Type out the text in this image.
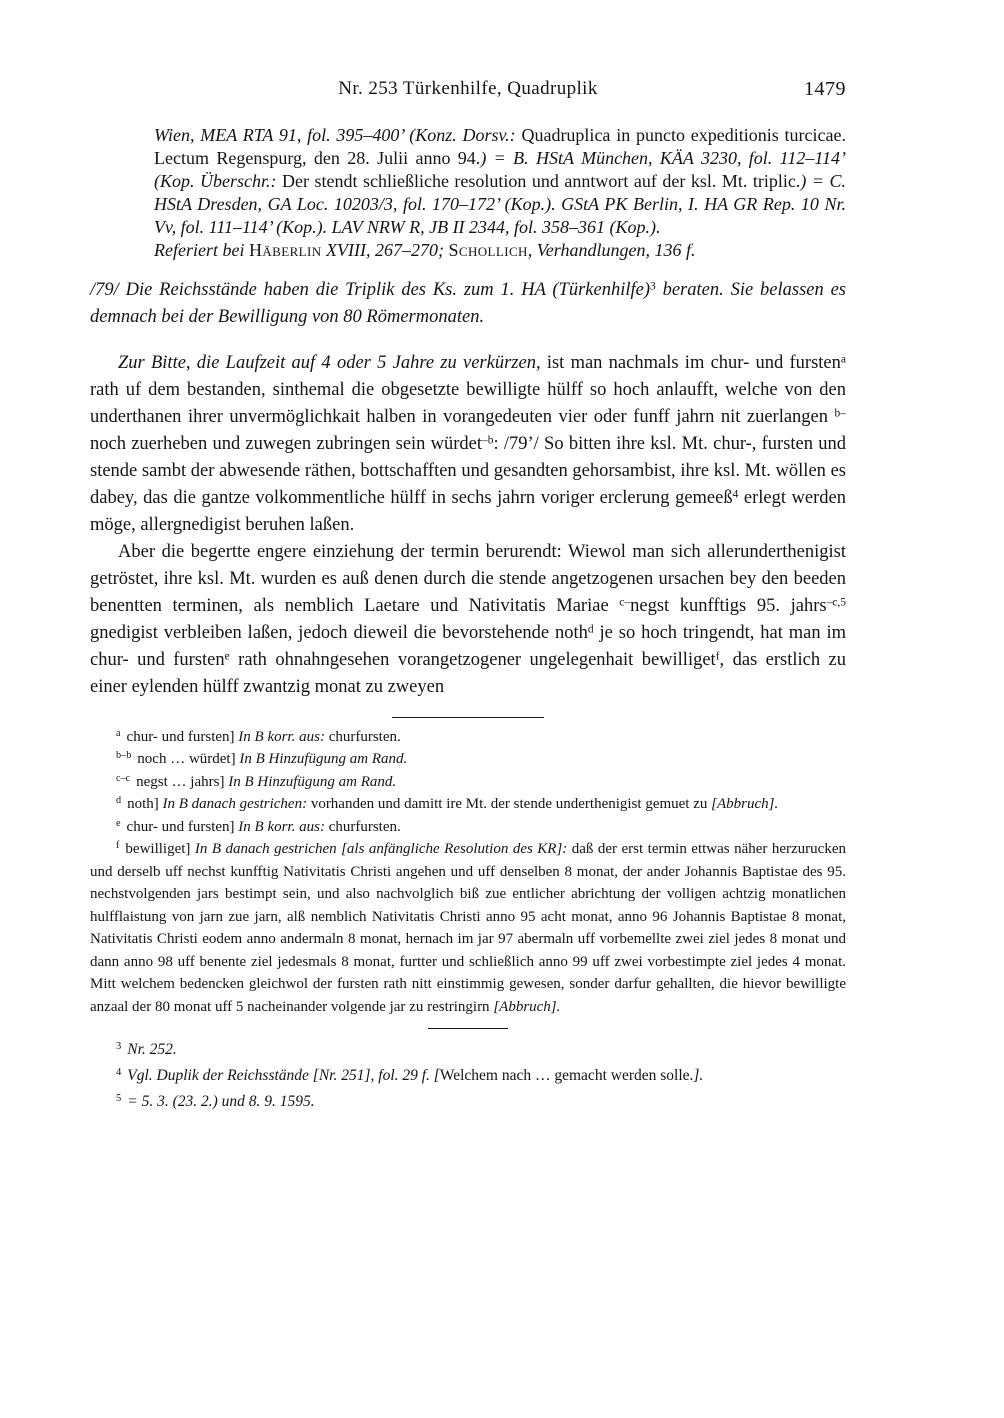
Nr. 253 Türkenhilfe, Quadruplik	1479

Wien, MEA RTA 91, fol. 395–400’ (Konz. Dorsv.: Quadruplica in puncto expeditionis turcicae. Lectum Regenspurg, den 28. Julii anno 94.) = B. HStA München, KÄA 3230, fol. 112–114’ (Kop. Überschr.: Der stendt schließliche resolution und anntwort auf der ksl. Mt. triplic.) = C. HStA Dresden, GA Loc. 10203/3, fol. 170–172’ (Kop.). GStA PK Berlin, I. HA GR Rep. 10 Nr. Vv, fol. 111–114’ (Kop.). LAV NRW R, JB II 2344, fol. 358–361 (Kop.).

Referiert bei Häberlin XVIII, 267–270; Schollich, Verhandlungen, 136 f.

/79/ Die Reichsstände haben die Triplik des Ks. zum 1. HA (Türkenhilfe)$^3$ beraten. Sie belassen es demnach bei der Bewilligung von 80 Römermonaten.

Zur Bitte, die Laufzeit auf 4 oder 5 Jahre zu verkürzen, ist man nachmals im chur- und fursten$^a$ rath uf dem bestanden, sinthemal die obgesetzte bewilligte hülff so hoch anlaufft, welche von den underthanen ihrer unvermöglichkait halben in vorangedeuten vier oder funff jahrn nit zuerlangen $^{b-}$noch zuerheben und zuwegen zubringen sein würdet$^{-b}$: /79’/ So bitten ihre ksl. Mt. chur-, fursten und stende sambt der abwesende räthen, bottschafften und gesandten gehorsambist, ihre ksl. Mt. wöllen es dabey, das die gantze volkommentliche hülff in sechs jahrn voriger erclerung gemeeß$^4$ erlegt werden möge, allergnedigist beruhen laßen.

Aber die begertte engere einziehung der termin berurendt: Wiewol man sich allerunderthenigist getröstet, ihre ksl. Mt. wurden es auß denen durch die stende angetzogenen ursachen bey den beeden benentten terminen, als nemblich Laetare und Nativitatis Mariae $^{c-}$negst kunfftigs 95. jahrs$^{-c,5}$ gnedigist verbleiben laßen, jedoch dieweil die bevorstehende noth$^d$ je so hoch tringendt, hat man im chur- und fursten$^e$ rath ohnahngesehen vorangetzogener ungelegenhait bewilliget$^f$, das erstlich zu einer eylenden hülff zwantzig monat zu zweyen

$^a$ chur- und fursten] In B korr. aus: churfursten.

$^{b-b}$ noch … würdet] In B Hinzufügung am Rand.

$^{c-c}$ negst … jahrs] In B Hinzufügung am Rand.

$^d$ noth] In B danach gestrichen: vorhanden und damitt ire Mt. der stende underthenigist gemuet zu [Abbruch].

$^e$ chur- und fursten] In B korr. aus: churfursten.

$^f$ bewilliget] In B danach gestrichen [als anfängliche Resolution des KR]: daß der erst termin ettwas näher herzurucken und derselb uff nechst kunfftig Nativitatis Christi angehen und uff denselben 8 monat, der ander Johannis Baptistae des 95. nechstvolgenden jars bestimpt sein, und also nachvolglich biß zue entlicher abrichtung der volligen achtzig monatlichen hulfflaistung von jarn zue jarn, alß nemblich Nativitatis Christi anno 95 acht monat, anno 96 Johannis Baptistae 8 monat, Nativitatis Christi eodem anno andermaln 8 monat, hernach im jar 97 abermaln uff vorbemellte zwei ziel jedes 8 monat und dann anno 98 uff benente ziel jedesmals 8 monat, furtter und schließlich anno 99 uff zwei vorbestimpte ziel jedes 4 monat. Mitt welchem bedencken gleichwol der fursten rath nitt einstimmig gewesen, sonder darfur gehallten, die hievor bewilligte anzaal der 80 monat uff 5 nacheinander volgende jar zu restringirn [Abbruch].

$^3$ Nr. 252.

$^4$ Vgl. Duplik der Reichsstände [Nr. 251], fol. 29 f. [Welchem nach … gemacht werden solle.].

$^5$ = 5. 3. (23. 2.) und 8. 9. 1595.
